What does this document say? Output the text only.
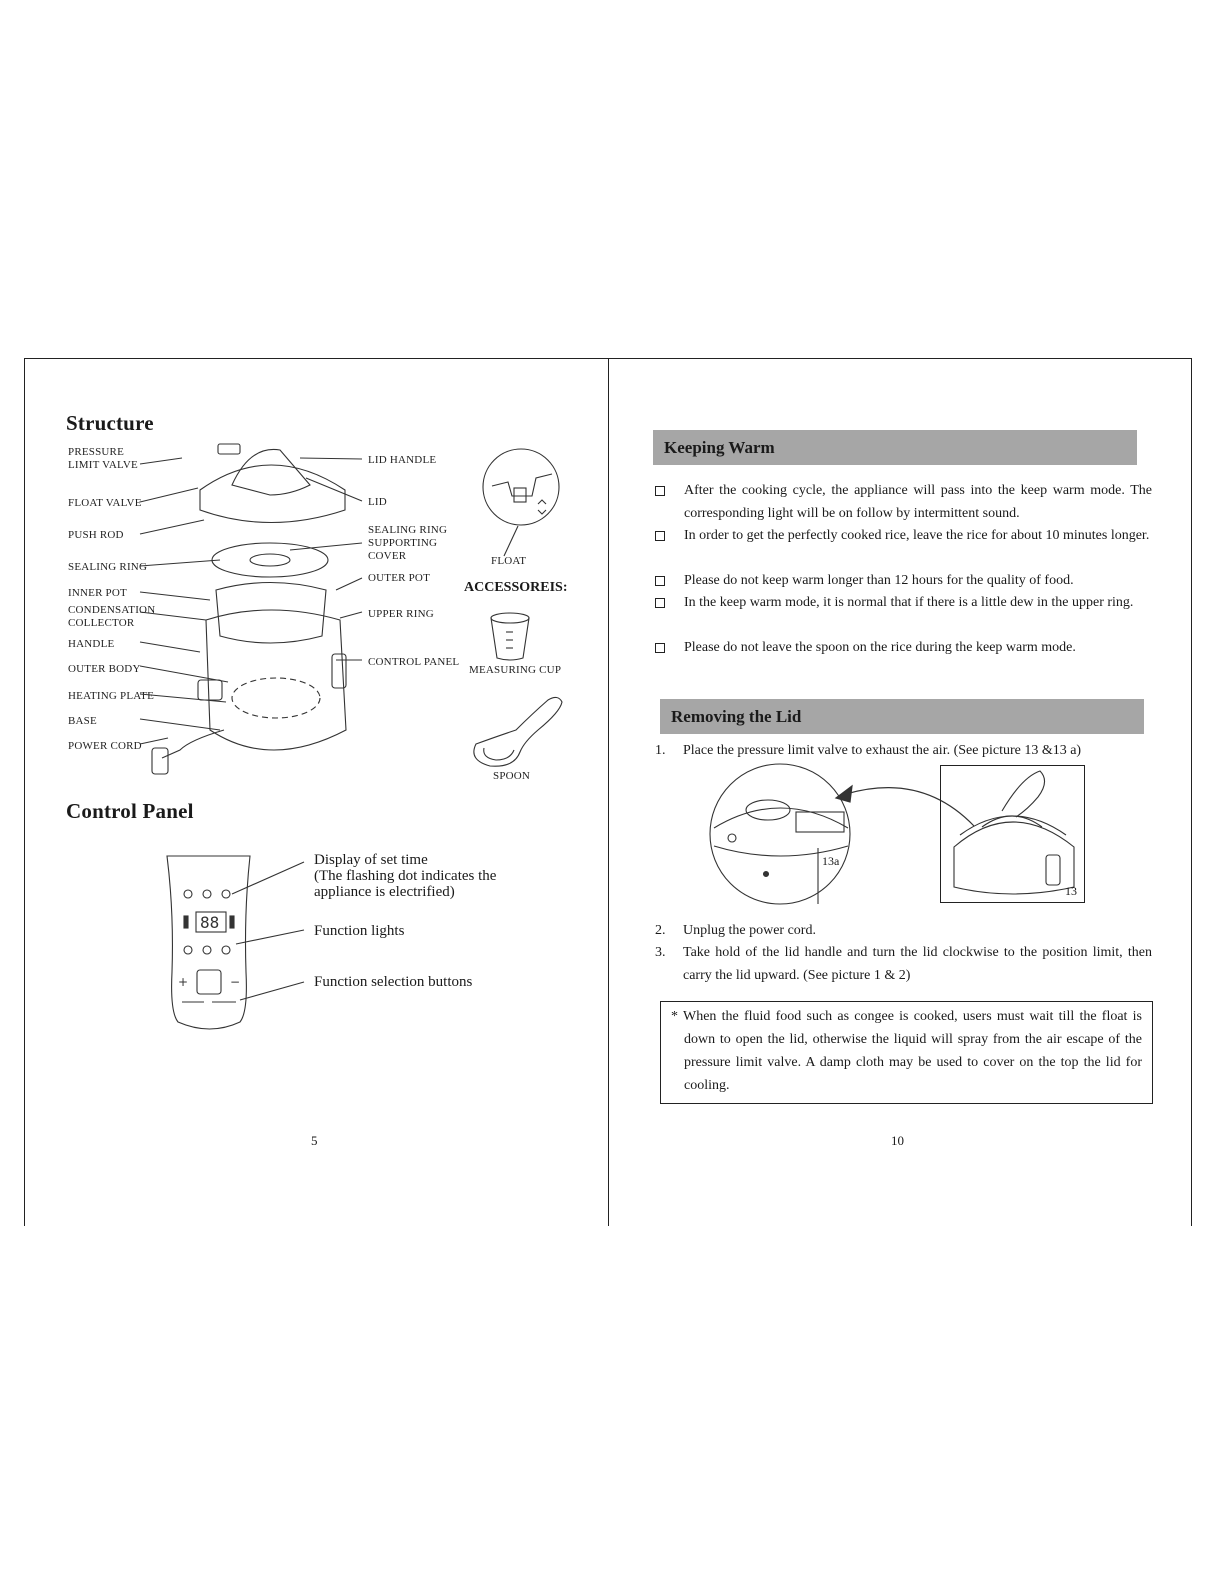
Structure
PRESSURE LIMIT VALVE
FLOAT VALVE
PUSH ROD
SEALING RING
INNER POT
CONDENSATION COLLECTOR
HANDLE
OUTER BODY
HEATING PLATE
BASE
POWER CORD
LID HANDLE
LID
SEALING RING SUPPORTING COVER
OUTER POT
UPPER RING
CONTROL PANEL
FLOAT
ACCESSOREIS:
MEASURING CUP
SPOON
Control Panel
88
+	−
Display of set time
(The flashing dot indicates the
appliance is electrified)
Function lights
Function selection buttons
5
Keeping Warm
After the cooking cycle, the appliance will pass into the keep warm mode. The corresponding light will be on follow by intermittent sound.
In order to get the perfectly cooked rice, leave the rice for about 10 minutes longer.
Please do not keep warm longer than 12 hours for the quality of food.
In the keep warm mode, it is normal that if there is a little dew in the upper ring.
Please do not leave the spoon on the rice during the keep warm mode.
Removing the Lid
1. Place the pressure limit valve to exhaust the air. (See picture 13 &13 a)
13a
13
2. Unplug the power cord.
3. Take hold of the lid handle and turn the lid clockwise to the position limit, then carry the lid upward. (See picture 1 & 2)
* When the fluid food such as congee is cooked, users must wait till the float is down to open the lid, otherwise the liquid will spray from the air escape of the pressure limit valve. A damp cloth may be used to cover on the top the lid for cooling.
10
